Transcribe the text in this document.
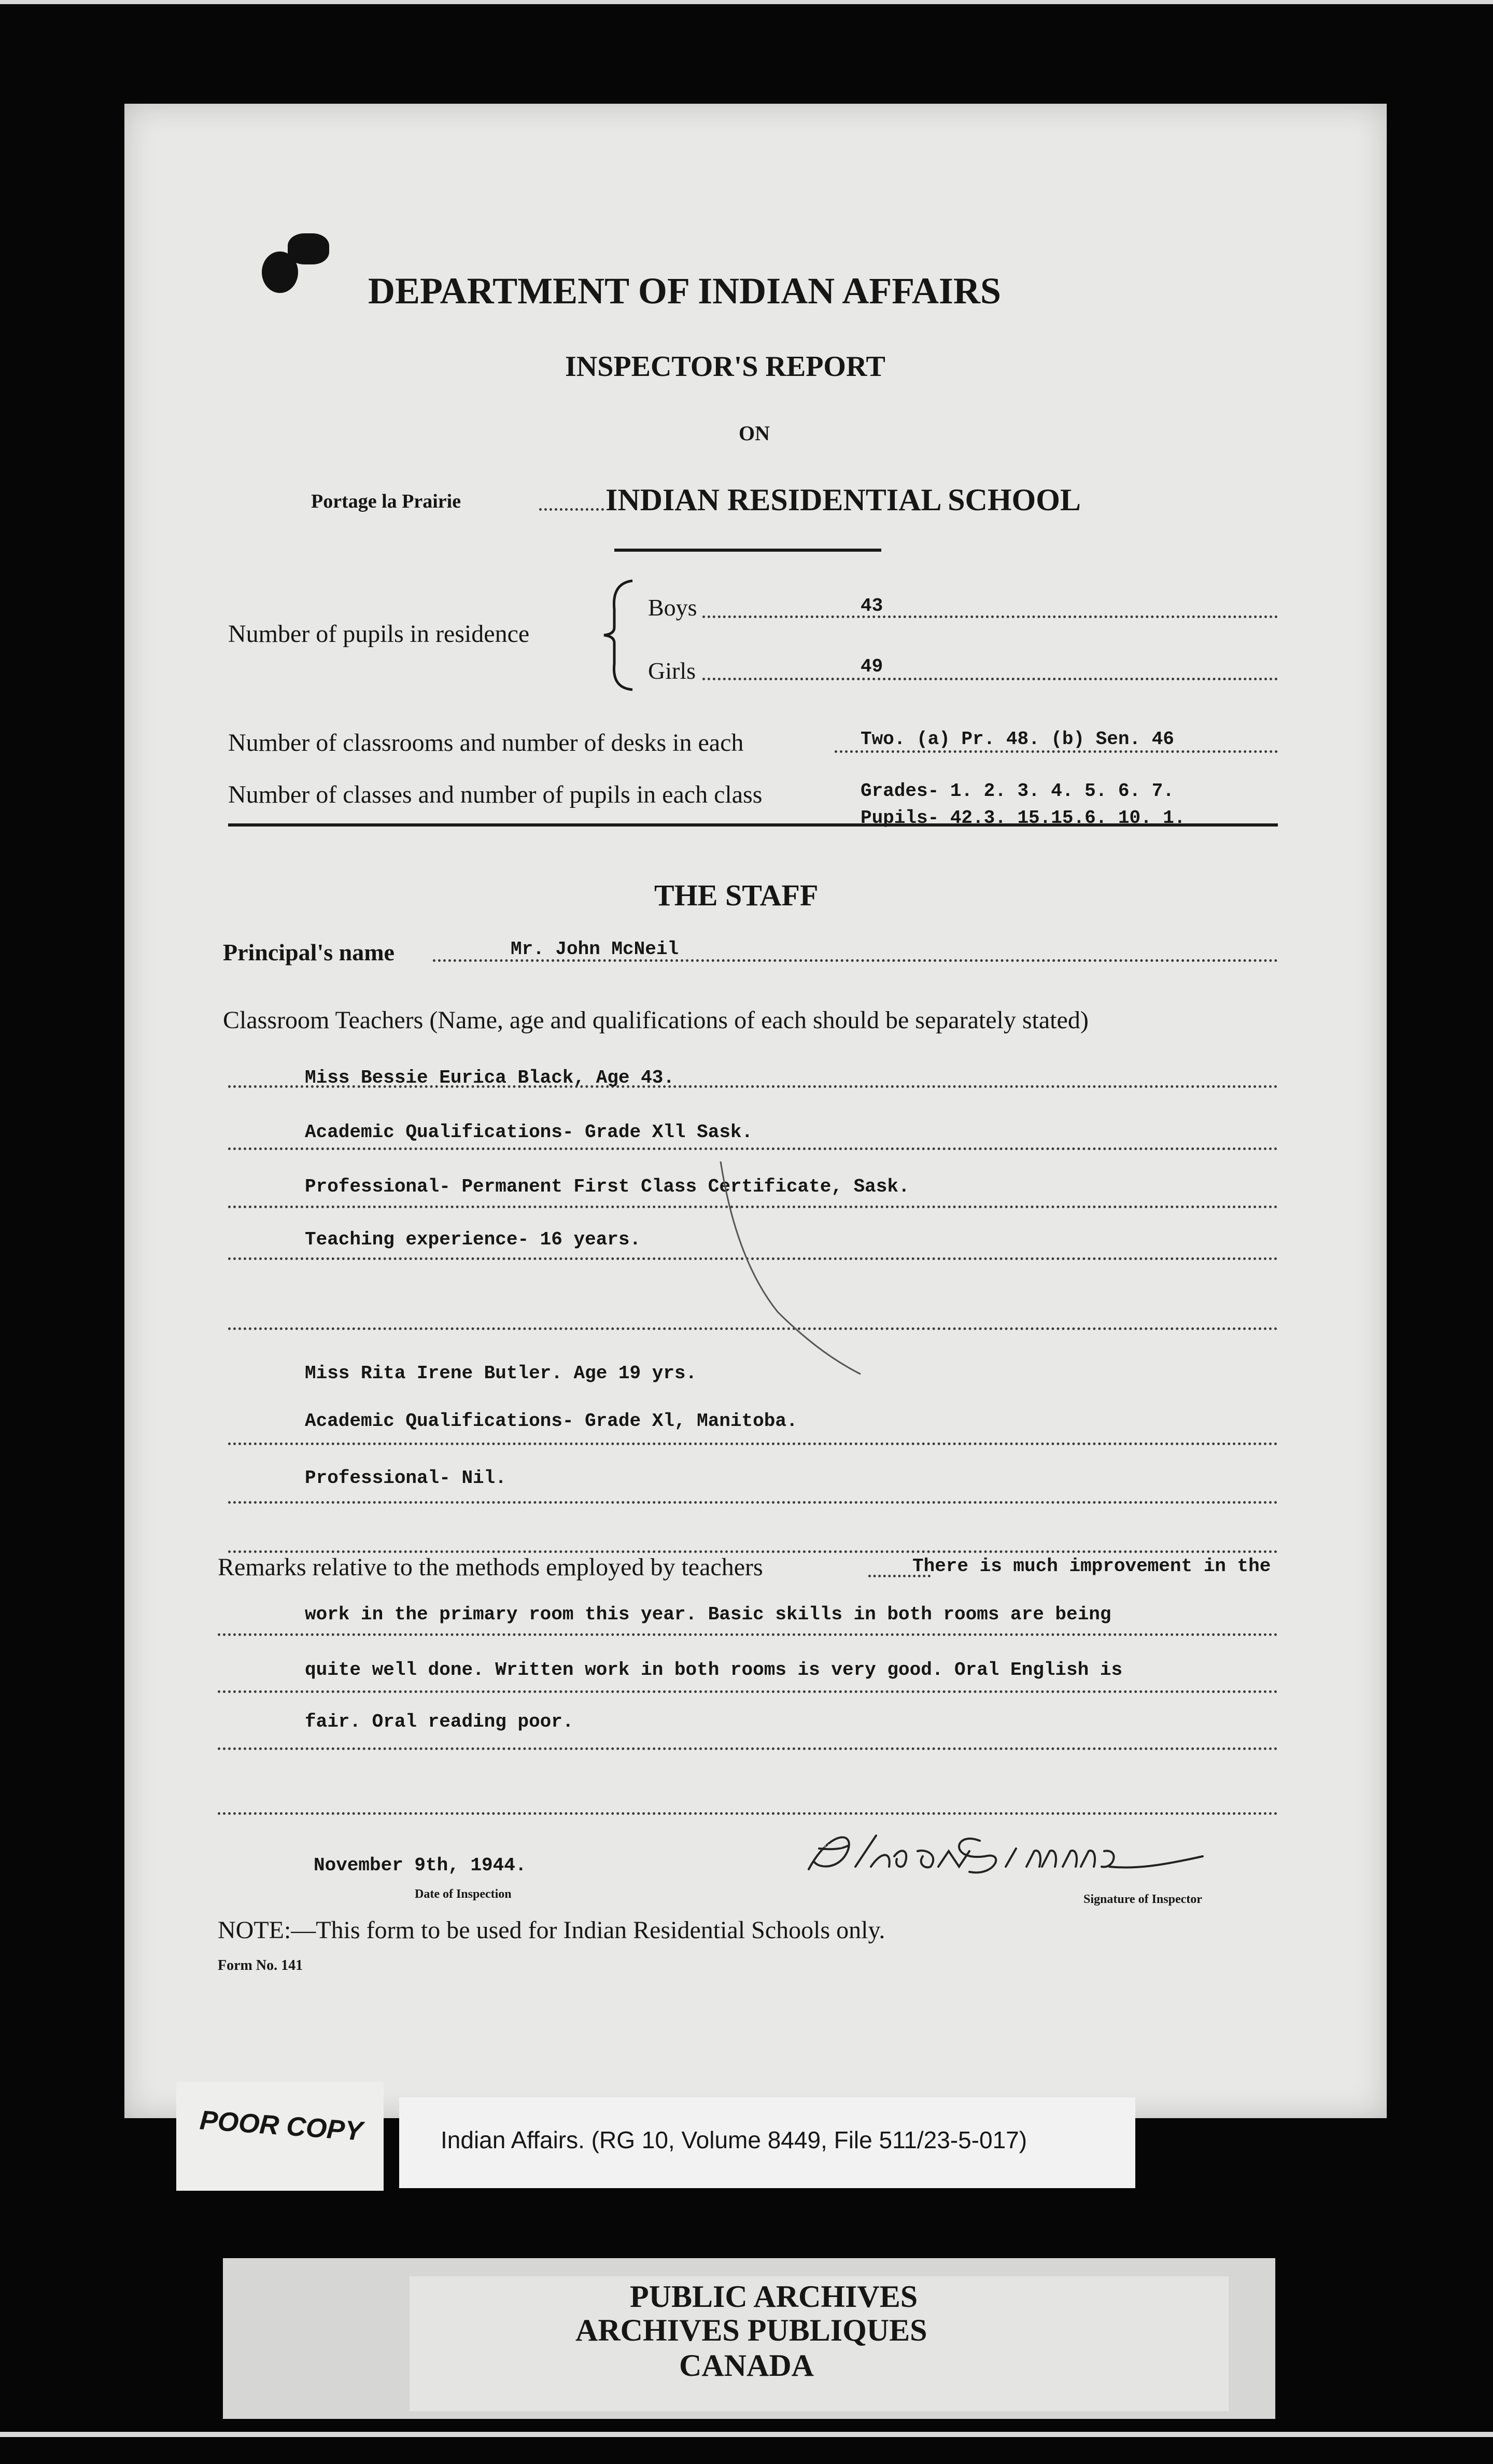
DEPARTMENT OF INDIAN AFFAIRS
INSPECTOR'S REPORT
ON
Portage la Prairie	INDIAN RESIDENTIAL SCHOOL
Number of pupils in residence
Boys	43
Girls	49
Number of classrooms and number of desks in each	Two. (a) Pr. 48. (b) Sen. 46
Number of classes and number of pupils in each class	Grades- 1. 2. 3. 4. 5. 6. 7.
Pupils- 42.3. 15.15.6. 10. 1.
THE STAFF
Principal's name	Mr. John McNeil
Classroom Teachers (Name, age and qualifications of each should be separately stated)
Miss Bessie Eurica Black, Age 43.
Academic Qualifications- Grade Xll Sask.
Professional- Permanent First Class Certificate, Sask.
Teaching experience- 16 years.
Miss Rita Irene Butler. Age 19 yrs.
Academic Qualifications- Grade Xl, Manitoba.
Professional- Nil.
Remarks relative to the methods employed by teachers	There is much improvement in the
work in the primary room this year. Basic skills in both rooms are being
quite well done. Written work in both rooms is very good. Oral English is
fair. Oral reading poor.
November 9th, 1944.
Date of Inspection
Eldon Simms
Signature of Inspector
NOTE:—This form to be used for Indian Residential Schools only.
Form No. 141
POOR COPY	Indian Affairs. (RG 10, Volume 8449, File 511/23-5-017)
PUBLIC ARCHIVES
ARCHIVES PUBLIQUES
CANADA
